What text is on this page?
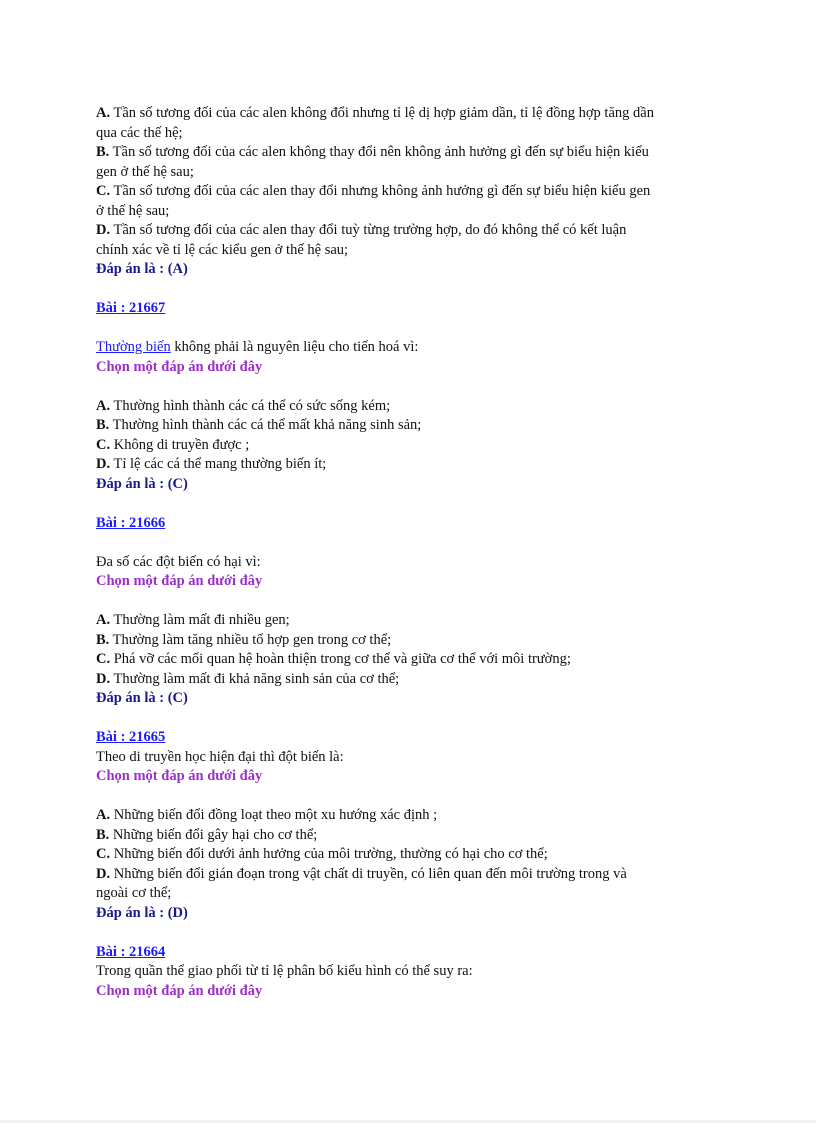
A. Tần số tương đối của các alen không đổi nhưng tỉ lệ dị hợp giảm dần, tỉ lệ đồng hợp tăng dần

qua các thế hệ;

B. Tần số tương đối của các alen không thay đổi nên không ảnh hưởng gì đến sự biểu hiện kiểu

gen ở thế hệ sau;

C. Tần số tương đối của các alen thay đổi nhưng không ảnh hưởng gì đến sự biểu hiện kiểu gen

ở thế hệ sau;

D. Tần số tương đối của các alen thay đổi tuỳ từng trường hợp, do đó không thể có kết luận

chính xác về tỉ lệ các kiểu gen ở thế hệ sau;

Đáp án là : (A)

Bài : 21667

Thường biến không phải là nguyên liệu cho tiến hoá vì:

Chọn một đáp án dưới đây

A. Thường hình thành các cá thể có sức sống kém;

B. Thường hình thành các cá thể mất khả năng sinh sản;

C. Không di truyền được ;

D. Tỉ lệ các cá thể mang thường biến ít;

Đáp án là : (C)

Bài : 21666

Đa số các đột biến có hại vì:

Chọn một đáp án dưới đây

A. Thường làm mất đi nhiều gen;

B. Thường làm tăng nhiều tổ hợp gen trong cơ thể;

C. Phá vỡ các mối quan hệ hoàn thiện trong cơ thể và giữa cơ thể với môi trường;

D. Thường làm mất đi khả năng sinh sản của cơ thể;

Đáp án là : (C)

Bài : 21665

Theo di truyền học hiện đại thì đột biến là:

Chọn một đáp án dưới đây

A. Những biến đổi đồng loạt theo một xu hướng xác định ;

B. Những biến đổi gây hại cho cơ thể;

C. Những biến đổi dưới ảnh hưởng của môi trường, thường có hại cho cơ thể;

D. Những biến đổi gián đoạn trong vật chất di truyền, có liên quan đến môi trường trong và

ngoài cơ thể;

Đáp án là : (D)

Bài : 21664

Trong quần thể giao phối từ tỉ lệ phân bố kiểu hình có thể suy ra:

Chọn một đáp án dưới đây
